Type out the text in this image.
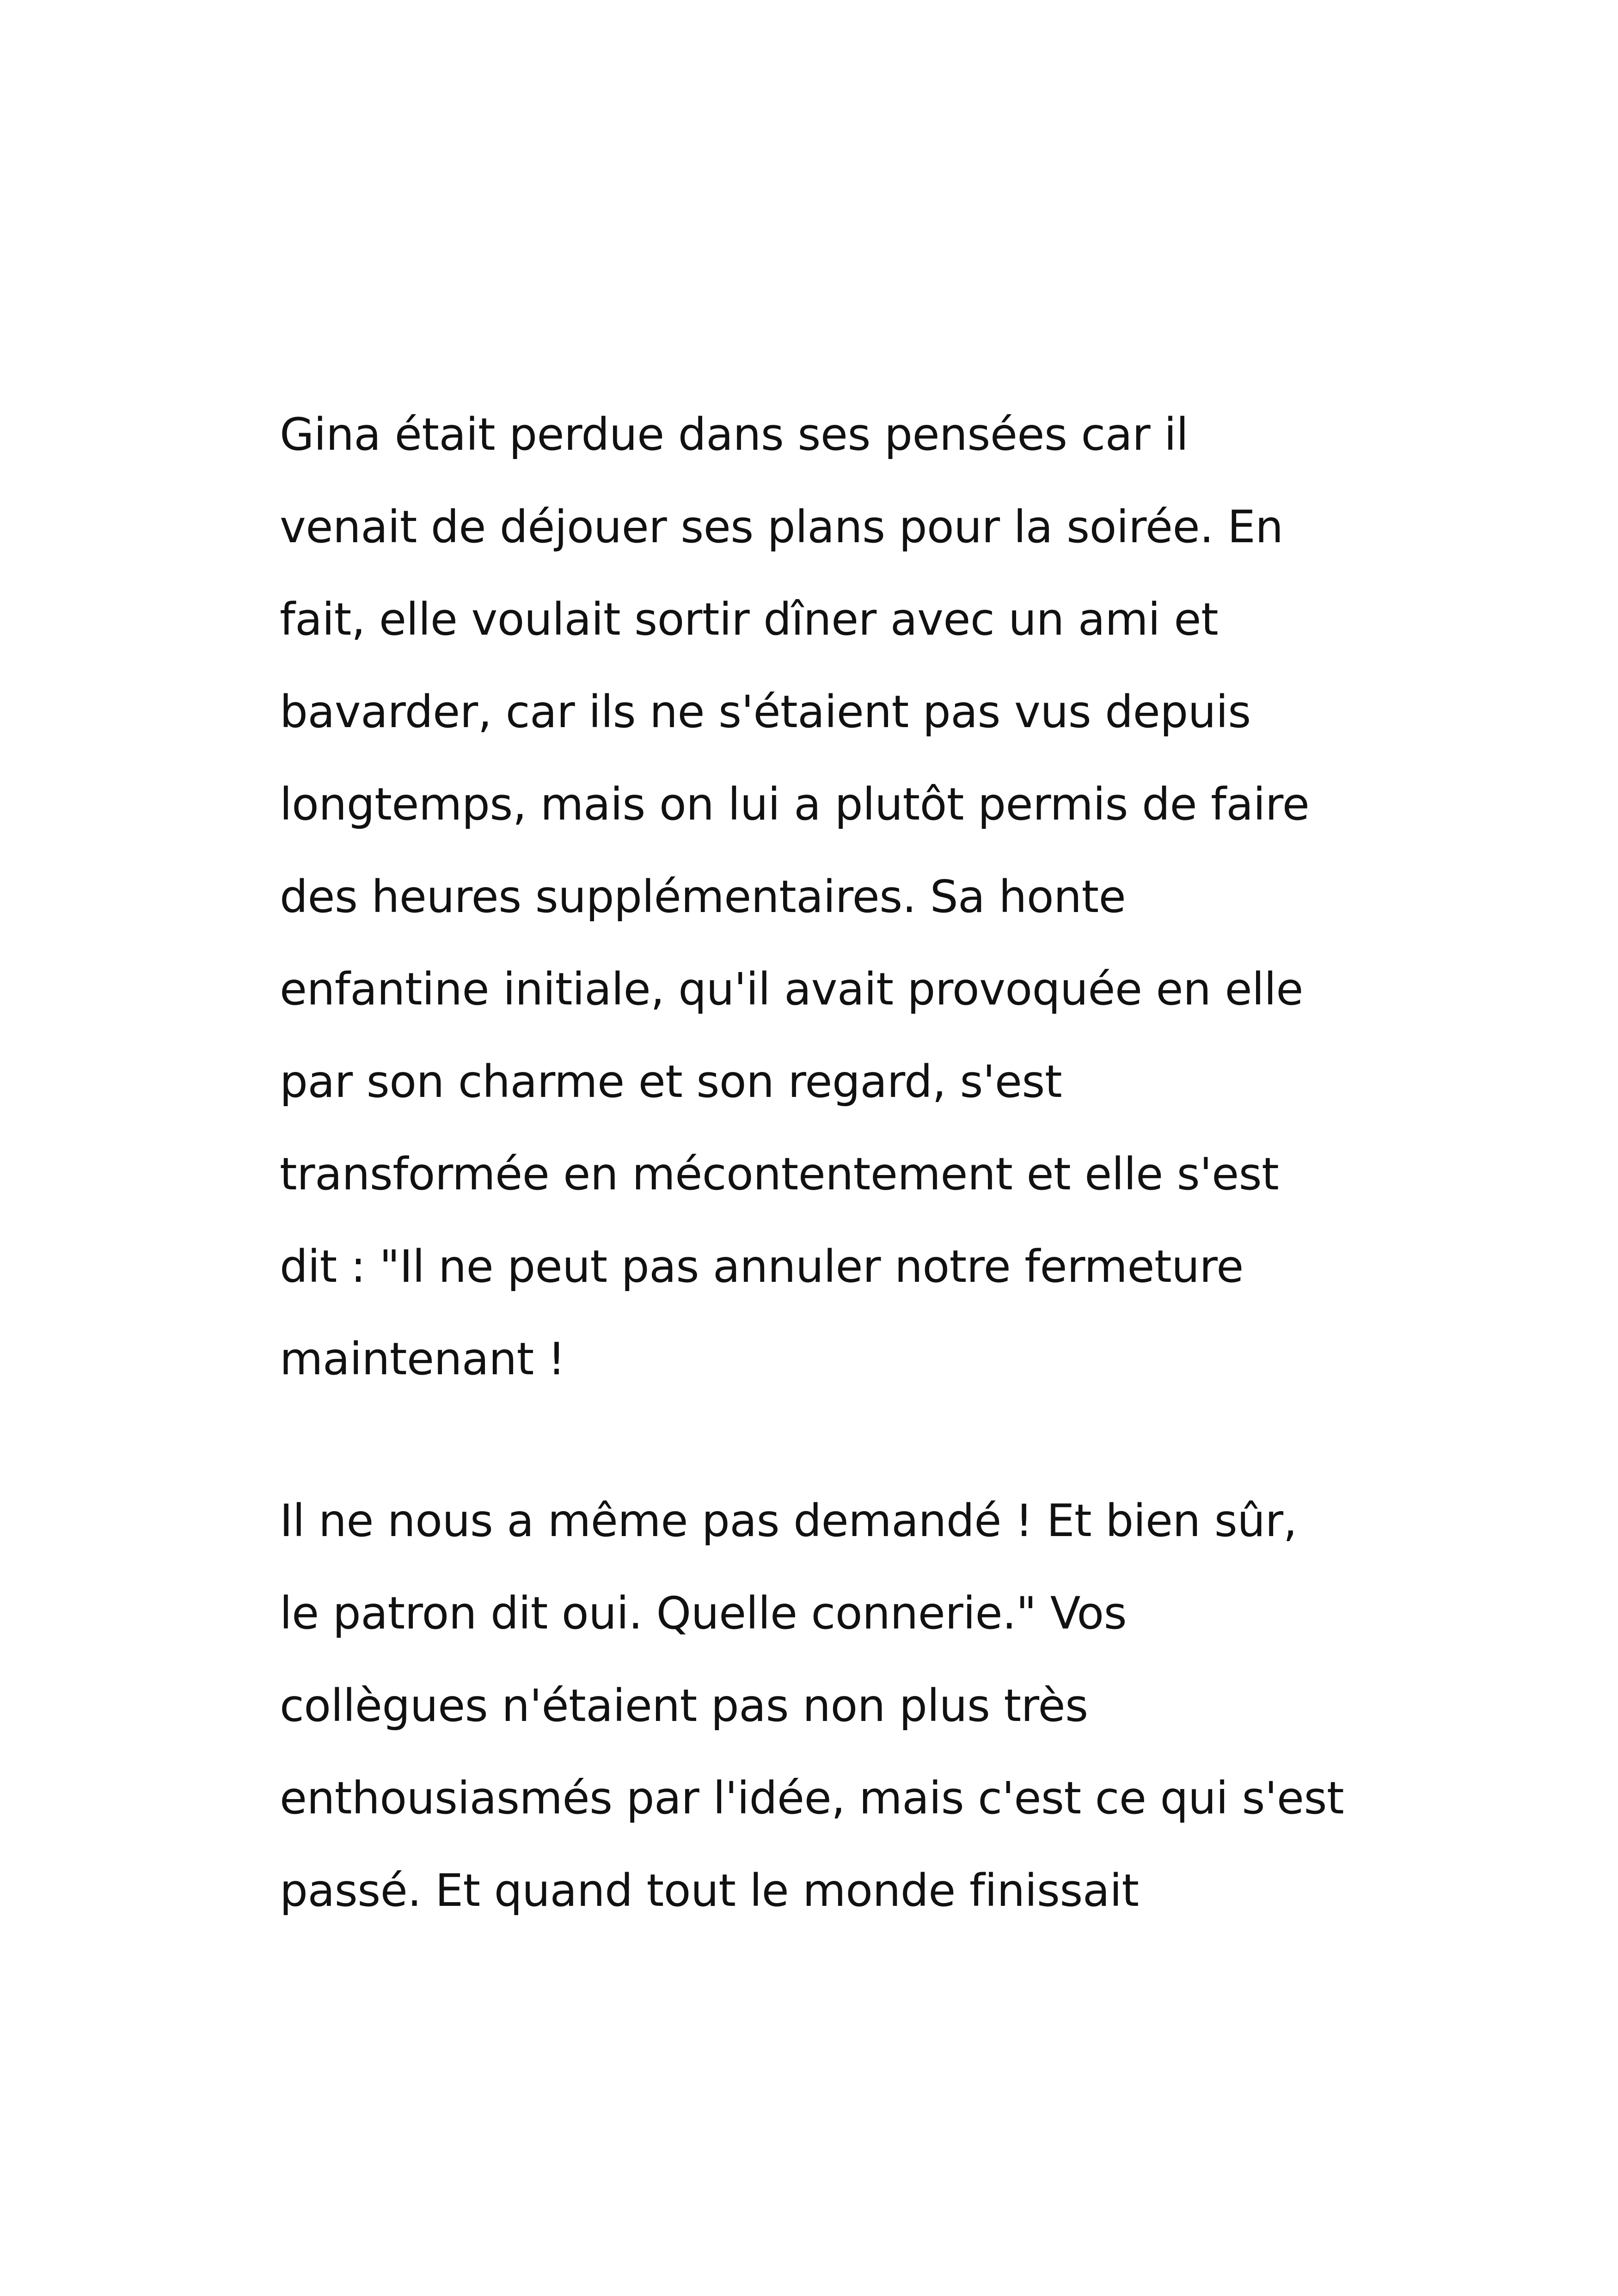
Gina était perdue dans ses pensées car il
venait de déjouer ses plans pour la soirée. En
fait, elle voulait sortir dîner avec un ami et
bavarder, car ils ne s'étaient pas vus depuis
longtemps, mais on lui a plutôt permis de faire
des heures supplémentaires. Sa honte
enfantine initiale, qu'il avait provoquée en elle
par son charme et son regard, s'est
transformée en mécontentement et elle s'est
dit : "Il ne peut pas annuler notre fermeture
maintenant !
Il ne nous a même pas demandé ! Et bien sûr,
le patron dit oui. Quelle connerie." Vos
collègues n'étaient pas non plus très
enthousiasmés par l'idée, mais c'est ce qui s'est
passé. Et quand tout le monde finissait
